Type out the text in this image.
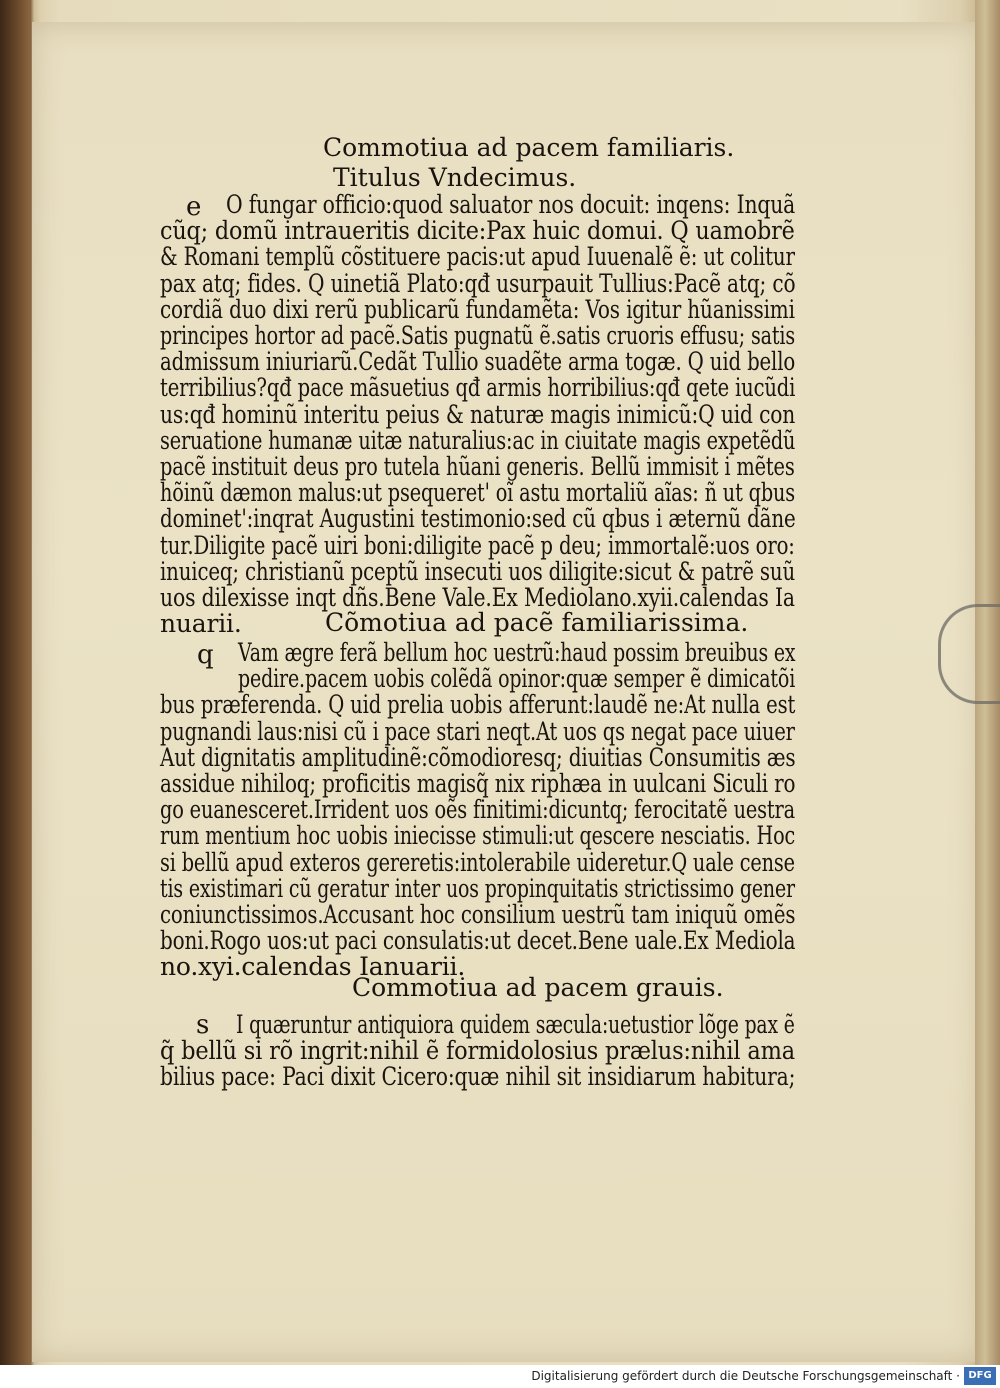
Commotiua ad pacem familiaris.
Titulus Vndecimus.
e O fungar officio:quod saluator nos docuit: inqens: Inquã
cũq; domũ intraueritis dicite:Pax huic domui. Q uamobrẽ
& Romani templũ cõstituere pacis:ut apud Iuuenalẽ ẽ: ut colitur
pax atq; fides. Q uinetiã Plato:qđ usurpauit Tullius:Pacẽ atq; cõ
cordiã duo dixi rerũ publicarũ fundamẽta: Vos igitur hũanissimi
principes hortor ad pacẽ.Satis pugnatũ ẽ.satis cruoris effusu; satis
admissum iniuriarũ.Cedãt Tullio suadẽte arma togæ. Q uid bello
terribilius?qđ pace mãsuetius qđ armis horribilius:qđ qete iucũdi
us:qđ hominũ interitu peius & naturæ magis inimicũ:Q uid con
seruatione humanæ uitæ naturalius:ac in ciuitate magis expetẽdũ
pacẽ instituit deus pro tutela hũani generis. Bellũ immisit i mẽtes
hõinũ dæmon malus:ut psequeret' oĩ astu mortaliũ aĩas: ñ ut qbus
dominet':inqrat Augustini testimonio:sed cũ qbus i æternũ dãne
tur.Diligite pacẽ uiri boni:diligite pacẽ p deu; immortalẽ:uos oro:
inuiceq; christianũ pceptũ insecuti uos diligite:sicut & patrẽ suũ
uos dilexisse inqt dñs.Bene Vale.Ex Mediolano.xyii.calendas Ia
nuarii.	Cõmotiua ad pacẽ familiarissima.
q Vam ægre ferã bellum hoc uestrũ:haud possim breuibus ex
pedire.pacem uobis colẽdã opinor:quæ semper ẽ dimicatõi
bus præferenda. Q uid prelia uobis afferunt:laudẽ ne:At nulla est
pugnandi laus:nisi cũ i pace stari neqt.At uos qs negat pace uiuer
Aut dignitatis amplitudinẽ:cõmodioresq; diuitias Consumitis æs
assidue nihiloq; proficitis magisq̃ nix riphæa in uulcani Siculi ro
go euanesceret.Irrident uos oẽs finitimi:dicuntq; ferocitatẽ uestra
rum mentium hoc uobis iniecisse stimuli:ut qescere nesciatis. Hoc
si bellũ apud exteros gereretis:intolerabile uideretur.Q uale cense
tis existimari cũ geratur inter uos propinquitatis strictissimo gener
coniunctissimos.Accusant hoc consilium uestrũ tam iniquũ omẽs
boni.Rogo uos:ut paci consulatis:ut decet.Bene uale.Ex Mediola
no.xyi.calendas Ianuarii.
Commotiua ad pacem grauis.
s I quæruntur antiquiora quidem sæcula:uetustior lõge pax ẽ
q̃ bellũ si rõ ingrit:nihil ẽ formidolosius prælus:nihil ama
bilius pace: Paci dixit Cicero:quæ nihil sit insidiarum habitura;
Digitalisierung gefördert durch die Deutsche Forschungsgemeinschaft · DFG
